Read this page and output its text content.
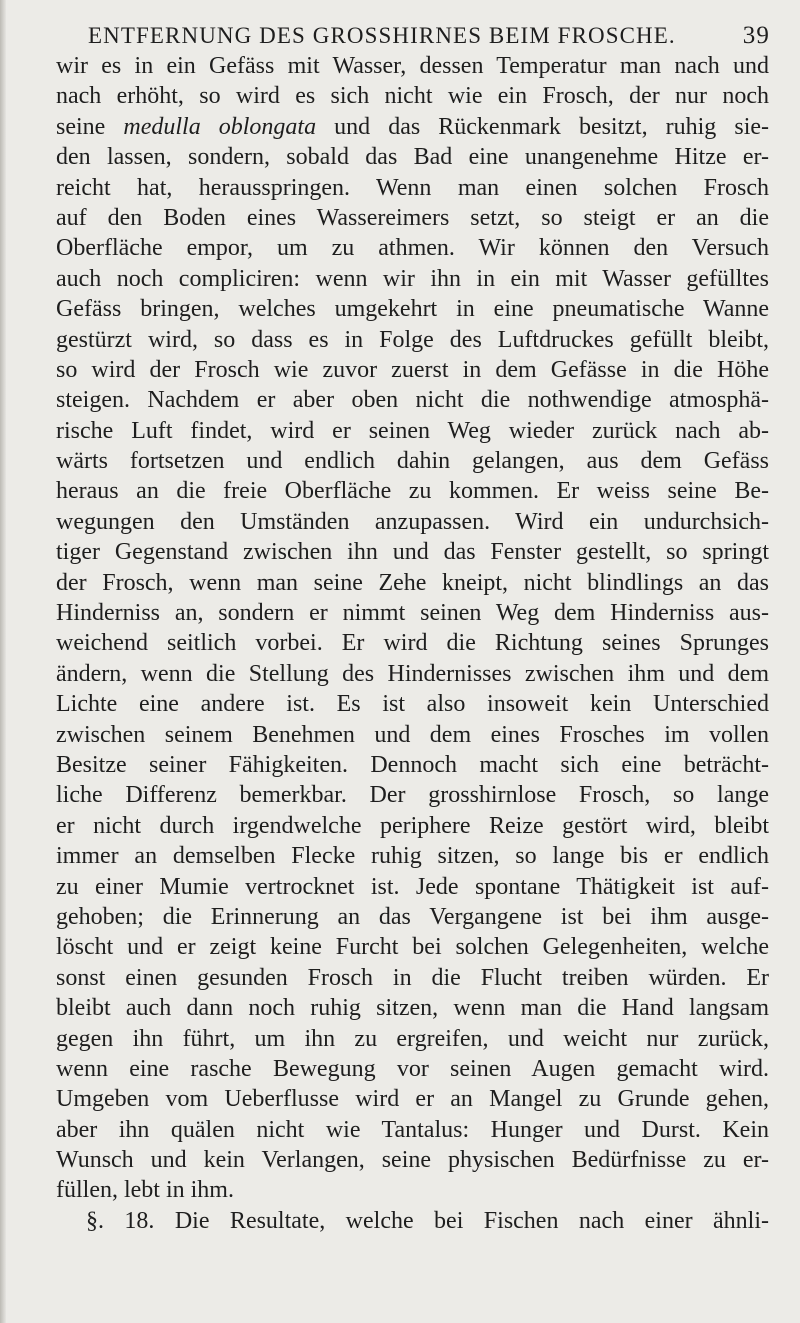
ENTFERNUNG DES GROSSHIRNES BEIM FROSCHE.	39
wir es in ein Gefäss mit Wasser, dessen Temperatur man nach und
nach erhöht, so wird es sich nicht wie ein Frosch, der nur noch
seine medulla oblongata und das Rückenmark besitzt, ruhig sie-
den lassen, sondern, sobald das Bad eine unangenehme Hitze er-
reicht hat, herausspringen. Wenn man einen solchen Frosch
auf den Boden eines Wassereimers setzt, so steigt er an die
Oberfläche empor, um zu athmen. Wir können den Versuch
auch noch compliciren: wenn wir ihn in ein mit Wasser gefülltes
Gefäss bringen, welches umgekehrt in eine pneumatische Wanne
gestürzt wird, so dass es in Folge des Luftdruckes gefüllt bleibt,
so wird der Frosch wie zuvor zuerst in dem Gefässe in die Höhe
steigen. Nachdem er aber oben nicht die nothwendige atmosphä-
rische Luft findet, wird er seinen Weg wieder zurück nach ab-
wärts fortsetzen und endlich dahin gelangen, aus dem Gefäss
heraus an die freie Oberfläche zu kommen. Er weiss seine Be-
wegungen den Umständen anzupassen. Wird ein undurchsich-
tiger Gegenstand zwischen ihn und das Fenster gestellt, so springt
der Frosch, wenn man seine Zehe kneipt, nicht blindlings an das
Hinderniss an, sondern er nimmt seinen Weg dem Hinderniss aus-
weichend seitlich vorbei. Er wird die Richtung seines Sprunges
ändern, wenn die Stellung des Hindernisses zwischen ihm und dem
Lichte eine andere ist. Es ist also insoweit kein Unterschied
zwischen seinem Benehmen und dem eines Frosches im vollen
Besitze seiner Fähigkeiten. Dennoch macht sich eine beträcht-
liche Differenz bemerkbar. Der grosshirnlose Frosch, so lange
er nicht durch irgendwelche periphere Reize gestört wird, bleibt
immer an demselben Flecke ruhig sitzen, so lange bis er endlich
zu einer Mumie vertrocknet ist. Jede spontane Thätigkeit ist auf-
gehoben; die Erinnerung an das Vergangene ist bei ihm ausge-
löscht und er zeigt keine Furcht bei solchen Gelegenheiten, welche
sonst einen gesunden Frosch in die Flucht treiben würden. Er
bleibt auch dann noch ruhig sitzen, wenn man die Hand langsam
gegen ihn führt, um ihn zu ergreifen, und weicht nur zurück,
wenn eine rasche Bewegung vor seinen Augen gemacht wird.
Umgeben vom Ueberflusse wird er an Mangel zu Grunde gehen,
aber ihn quälen nicht wie Tantalus: Hunger und Durst. Kein
Wunsch und kein Verlangen, seine physischen Bedürfnisse zu er-
füllen, lebt in ihm.
§. 18. Die Resultate, welche bei Fischen nach einer ähnli-
